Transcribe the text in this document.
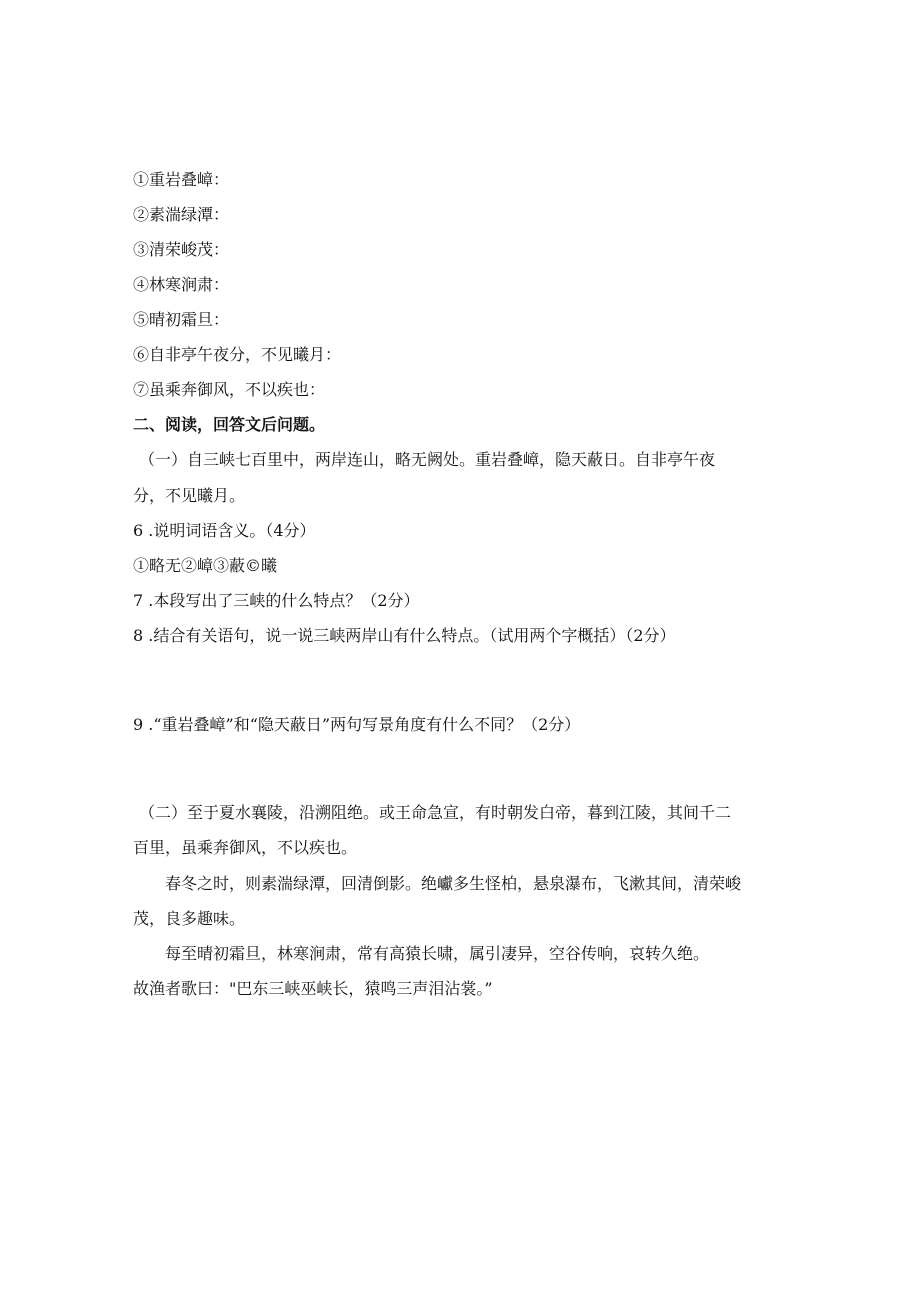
①重岩叠嶂：
②素湍绿潭：
③清荣峻茂：
④林寒涧肃：
⑤晴初霜旦：
⑥自非亭午夜分，不见曦月：
⑦虽乘奔御风，不以疾也：
二、阅读，回答文后问题。
（一）自三峡七百里中，两岸连山，略无阙处。重岩叠嶂，隐天蔽日。自非亭午夜
分，不见曦月。
6 .说明词语含义。（4分）
①略无②嶂③蔽©曦
7 .本段写出了三峡的什么特点？（2分）
8 .结合有关语句，说一说三峡两岸山有什么特点。（试用两个字概括）（2分）
9 .“重岩叠嶂”和“隐天蔽日”两句写景角度有什么不同？（2分）
（二）至于夏水襄陵，沿溯阻绝。或王命急宣，有时朝发白帝，暮到江陵，其间千二
百里，虽乘奔御风，不以疾也。
春冬之时，则素湍绿潭，回清倒影。绝巘多生怪柏，悬泉瀑布，飞漱其间，清荣峻
茂，良多趣味。
每至晴初霜旦，林寒涧肃，常有高猿长啸，属引凄异，空谷传响，哀转久绝。
故渔者歌曰："巴东三峡巫峡长，猿鸣三声泪沾裳。”
